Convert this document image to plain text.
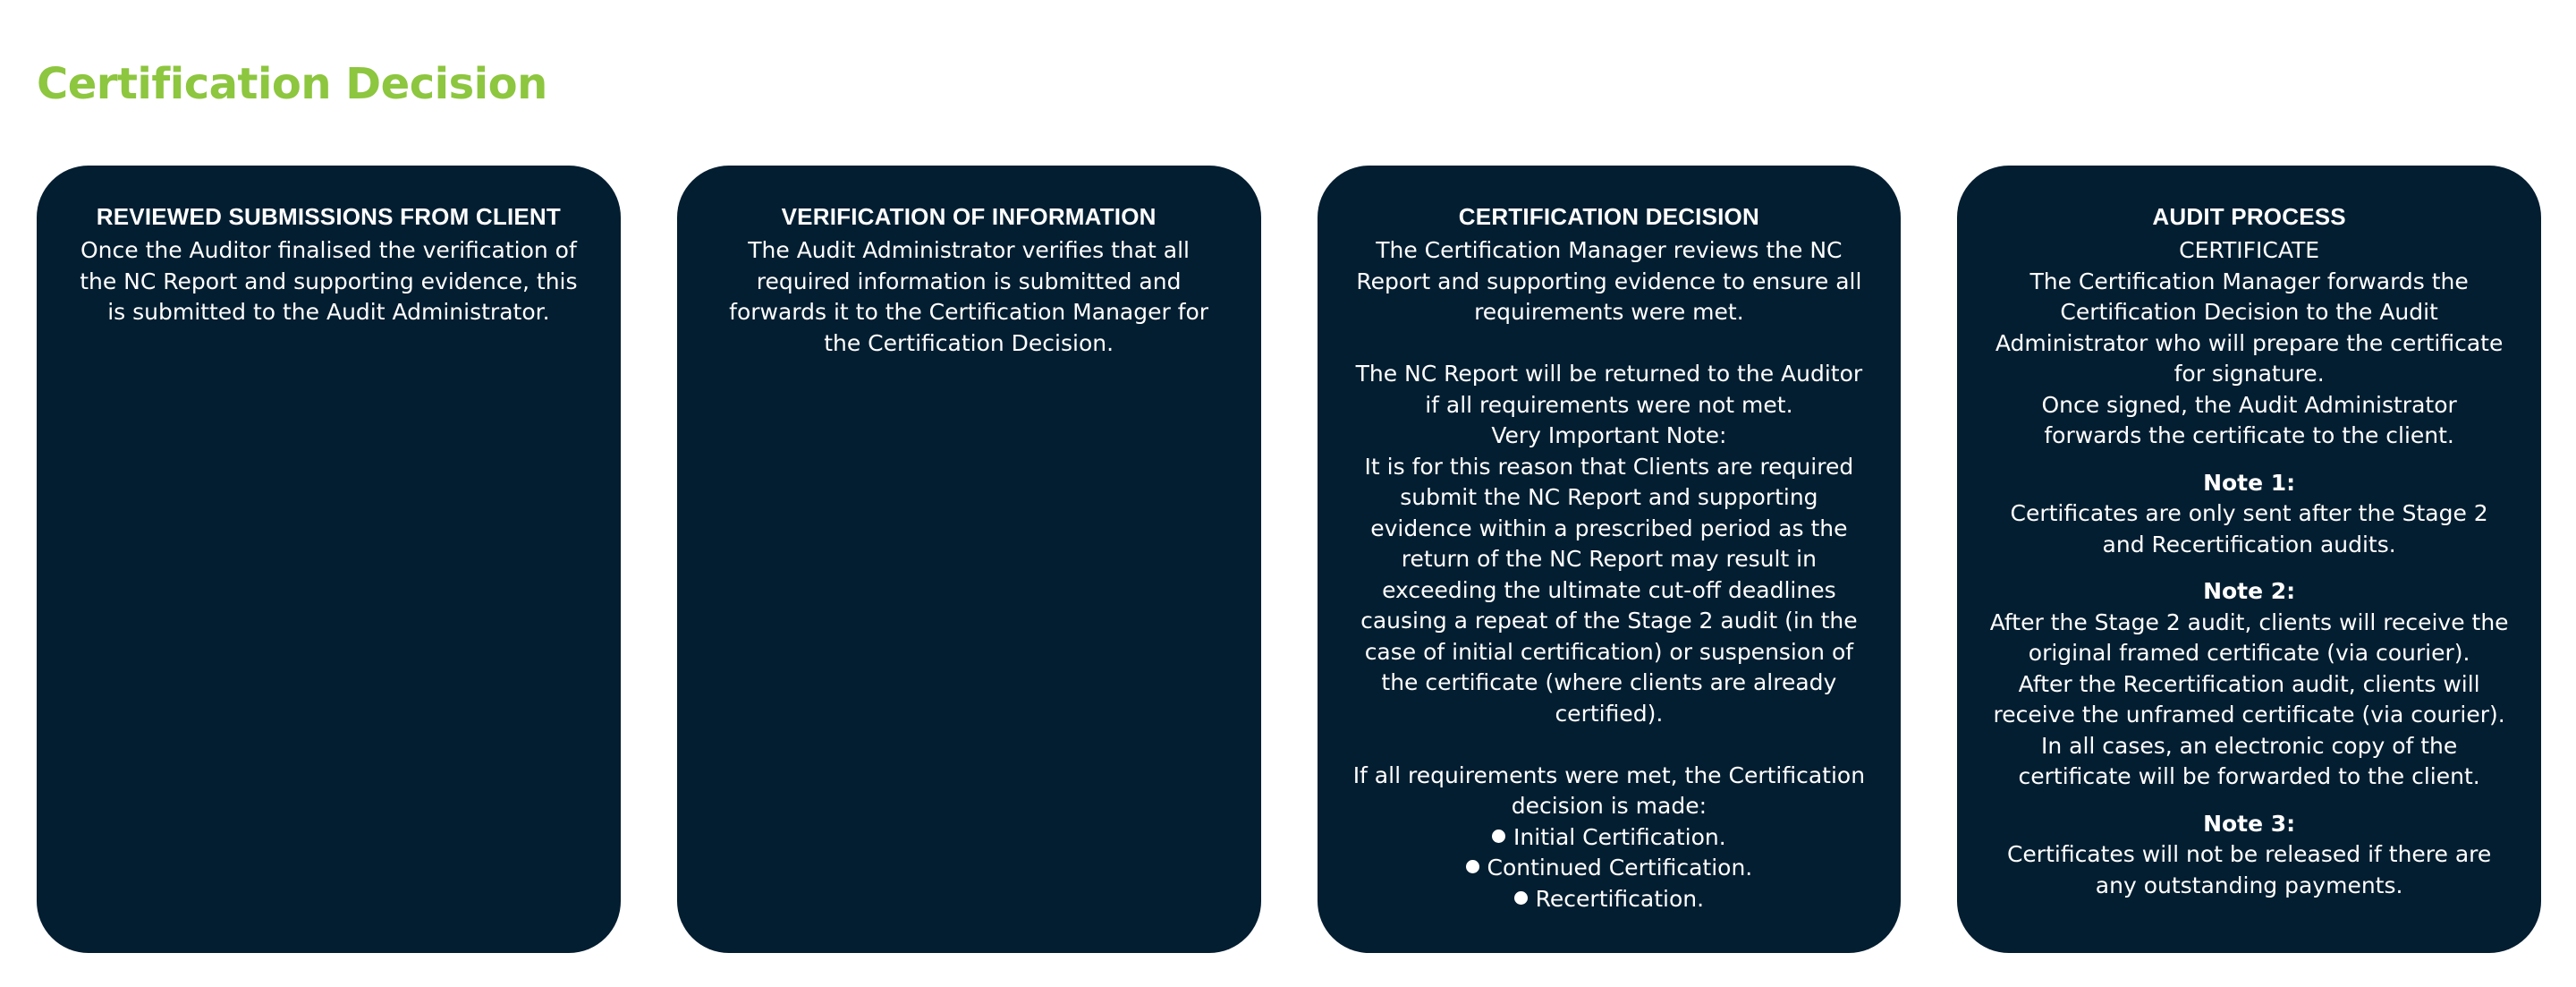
Certification Decision
REVIEWED SUBMISSIONS FROM CLIENT

Once the Auditor finalised the verification of
the NC Report and supporting evidence, this
is submitted to the Audit Administrator.

VERIFICATION OF INFORMATION

The Audit Administrator verifies that all
required information is submitted and
forwards it to the Certification Manager for
the Certification Decision.

CERTIFICATION DECISION

The Certification Manager reviews the NC
Report and supporting evidence to ensure all
requirements were met.

The NC Report will be returned to the Auditor
if all requirements were not met.

Very Important Note:

It is for this reason that Clients are required
submit the NC Report and supporting
evidence within a prescribed period as the
return of the NC Report may result in
exceeding the ultimate cut-off deadlines
causing a repeat of the Stage 2 audit (in the
case of initial certification) or suspension of
the certificate (where clients are already
certified).

If all requirements were met, the Certification
decision is made:

Initial Certification.

Continued Certification.

Recertification.

AUDIT PROCESS

CERTIFICATE

The Certification Manager forwards the
Certification Decision to the Audit
Administrator who will prepare the certificate
for signature.
Once signed, the Audit Administrator
forwards the certificate to the client.

Note 1:

Certificates are only sent after the Stage 2
and Recertification audits.

Note 2:

After the Stage 2 audit, clients will receive the
original framed certificate (via courier).
After the Recertification audit, clients will
receive the unframed certificate (via courier).
In all cases, an electronic copy of the
certificate will be forwarded to the client.

Note 3:

Certificates will not be released if there are
any outstanding payments.
